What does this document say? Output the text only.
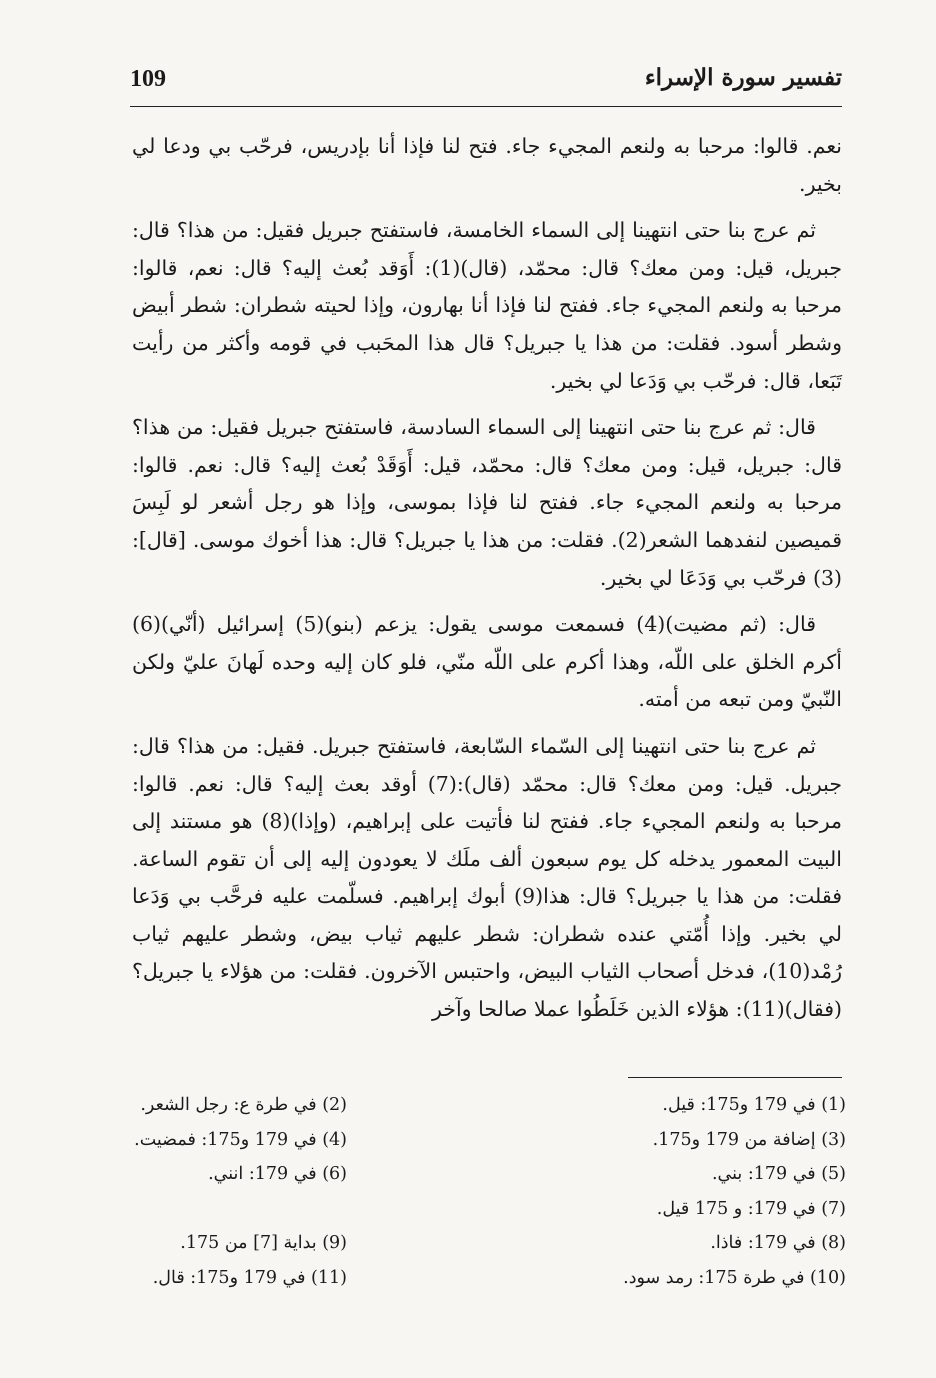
109	تفسير سورة الإسراء

نعم. قالوا: مرحبا به ولنعم المجيء جاء. فتح لنا فإذا أنا بإدريس، فرحّب بي ودعا لي بخير.

ثم عرج بنا حتى انتهينا إلى السماء الخامسة، فاستفتح جبريل فقيل: من هذا؟ قال: جبريل، قيل: ومن معك؟ قال: محمّد، (قال)(1): أَوَقد بُعث إليه؟ قال: نعم، قالوا: مرحبا به ولنعم المجيء جاء. ففتح لنا فإذا أنا بهارون، وإذا لحيته شطران: شطر أبيض وشطر أسود. فقلت: من هذا يا جبريل؟ قال هذا المحَبب في قومه وأكثر من رأيت تَبَعا، قال: فرحّب بي وَدَعا لي بخير.

قال: ثم عرج بنا حتى انتهينا إلى السماء السادسة، فاستفتح جبريل فقيل: من هذا؟ قال: جبريل، قيل: ومن معك؟ قال: محمّد، قيل: أَوَقَدْ بُعث إليه؟ قال: نعم. قالوا: مرحبا به ولنعم المجيء جاء. ففتح لنا فإذا بموسى، وإذا هو رجل أشعر لو لَبِسَ قميصين لنفدهما الشعر(2). فقلت: من هذا يا جبريل؟ قال: هذا أخوك موسى. [قال]:(3) فرحّب بي وَدَعَا لي بخير.

قال: (ثم مضيت)(4) فسمعت موسى يقول: يزعم (بنو)(5) إسرائيل (أنّي)(6) أكرم الخلق على اللّه، وهذا أكرم على اللّه منّي، فلو كان إليه وحده لَهانَ عليّ ولكن النّبيّ ومن تبعه من أمته.

ثم عرج بنا حتى انتهينا إلى السّماء السّابعة، فاستفتح جبريل. فقيل: من هذا؟ قال: جبريل. قيل: ومن معك؟ قال: محمّد (قال):(7) أوقد بعث إليه؟ قال: نعم. قالوا: مرحبا به ولنعم المجيء جاء. ففتح لنا فأتيت على إبراهيم، (وإذا)(8) هو مستند إلى البيت المعمور يدخله كل يوم سبعون ألف ملَك لا يعودون إليه إلى أن تقوم الساعة. فقلت: من هذا يا جبريل؟ قال: هذا(9) أبوك إبراهيم. فسلّمت عليه فرحَّب بي وَدَعا لي بخير. وإذا أُمّتي عنده شطران: شطر عليهم ثياب بيض، وشطر عليهم ثياب رُمْد(10)، فدخل أصحاب الثياب البيض، واحتبس الآخرون. فقلت: من هؤلاء يا جبريل؟ (فقال)(11): هؤلاء الذين خَلَطُوا عملا صالحا وآخر

(1) في 179 و175: قيل.
(2) في طرة ع: رجل الشعر.
(3) إضافة من 179 و175.
(4) في 179 و175: فمضيت.
(5) في 179: بني.
(6) في 179: انني.
(7) في 179: و 175 قيل.
(8) في 179: فاذا.
(9) بداية [7] من 175.
(10) في طرة 175: رمد سود.
(11) في 179 و175: قال.
